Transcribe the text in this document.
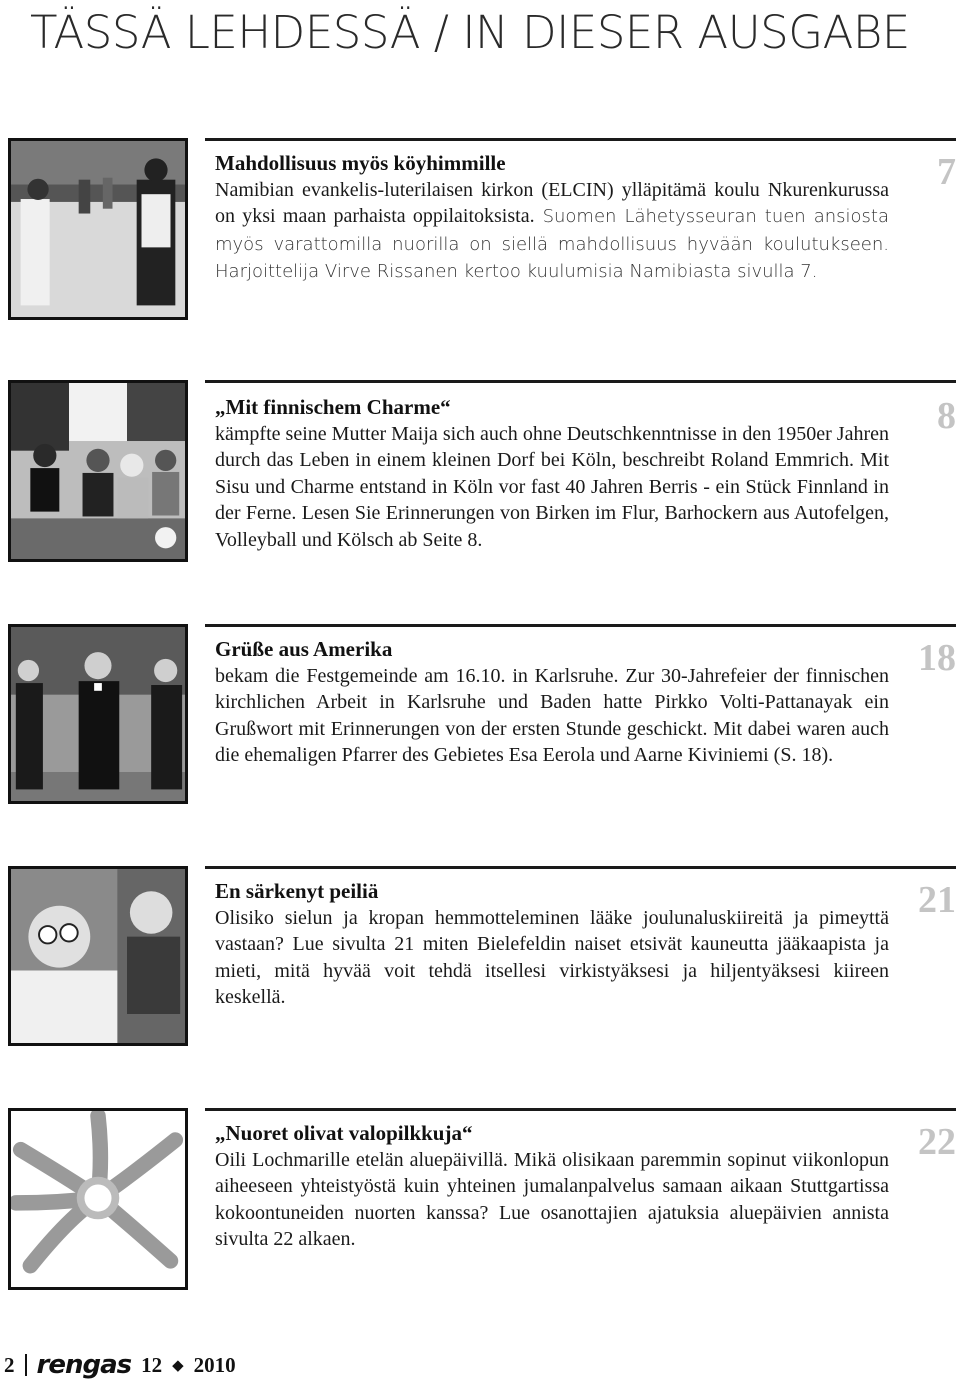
TÄSSÄ LEHDESSÄ / IN DIESER AUSGABE
Mahdollisuus myös köyhimmille
Namibian evankelis-luterilaisen kirkon (ELCIN) ylläpitämä koulu Nkurenkurussa on yksi maan parhaista oppilaitoksista. Suomen Lähetysseuran tuen ansiosta myös varattomilla nuorilla on siellä mahdollisuus hyvään koulutukseen. Harjoittelija Virve Rissanen kertoo kuulumisia Namibiasta sivulla 7.
7
„Mit finnischem Charme“
kämpfte seine Mutter Maija sich auch ohne Deutschkenntnisse in den 1950er Jahren durch das Leben in einem kleinen Dorf bei Köln, beschreibt Roland Emmrich. Mit Sisu und Charme entstand in Köln vor fast 40 Jahren Berris - ein Stück Finnland in der Ferne. Lesen Sie Erinnerungen von Birken im Flur, Barhockern aus Autofelgen, Volleyball und Kölsch ab Seite 8.
8
Grüße aus Amerika
bekam die Festgemeinde am 16.10. in Karlsruhe. Zur 30-Jahrefeier der finnischen kirchlichen Arbeit in Karlsruhe und Baden hatte Pirkko Volti-Pattanayak ein Grußwort mit Erinnerungen von der ersten Stunde geschickt. Mit dabei waren auch die ehemaligen Pfarrer des Gebietes Esa Eerola und Aarne Kiviniemi (S. 18).
18
En särkenyt peiliä
Olisiko sielun ja kropan hemmotteleminen lääke joulunaluskiireitä ja pimeyttä vastaan? Lue sivulta 21 miten Bielefeldin naiset etsivät kauneutta jääkaapista ja mieti, mitä hyvää voit tehdä itsellesi virkistyäksesi ja hiljentyäksesi kiireen keskellä.
21
„Nuoret olivat valopilkkuja“
Oili Lochmarille etelän aluepäivillä. Mikä olisikaan paremmin sopinut viikonlopun aiheeseen yhteistyöstä kuin yhteinen jumalanpalvelus samaan aikaan Stuttgartissa kokoontuneiden nuorten kanssa? Lue osanottajien ajatuksia aluepäivien annista sivulta 22 alkaen.
22
2 rengas 12 ◆ 2010
